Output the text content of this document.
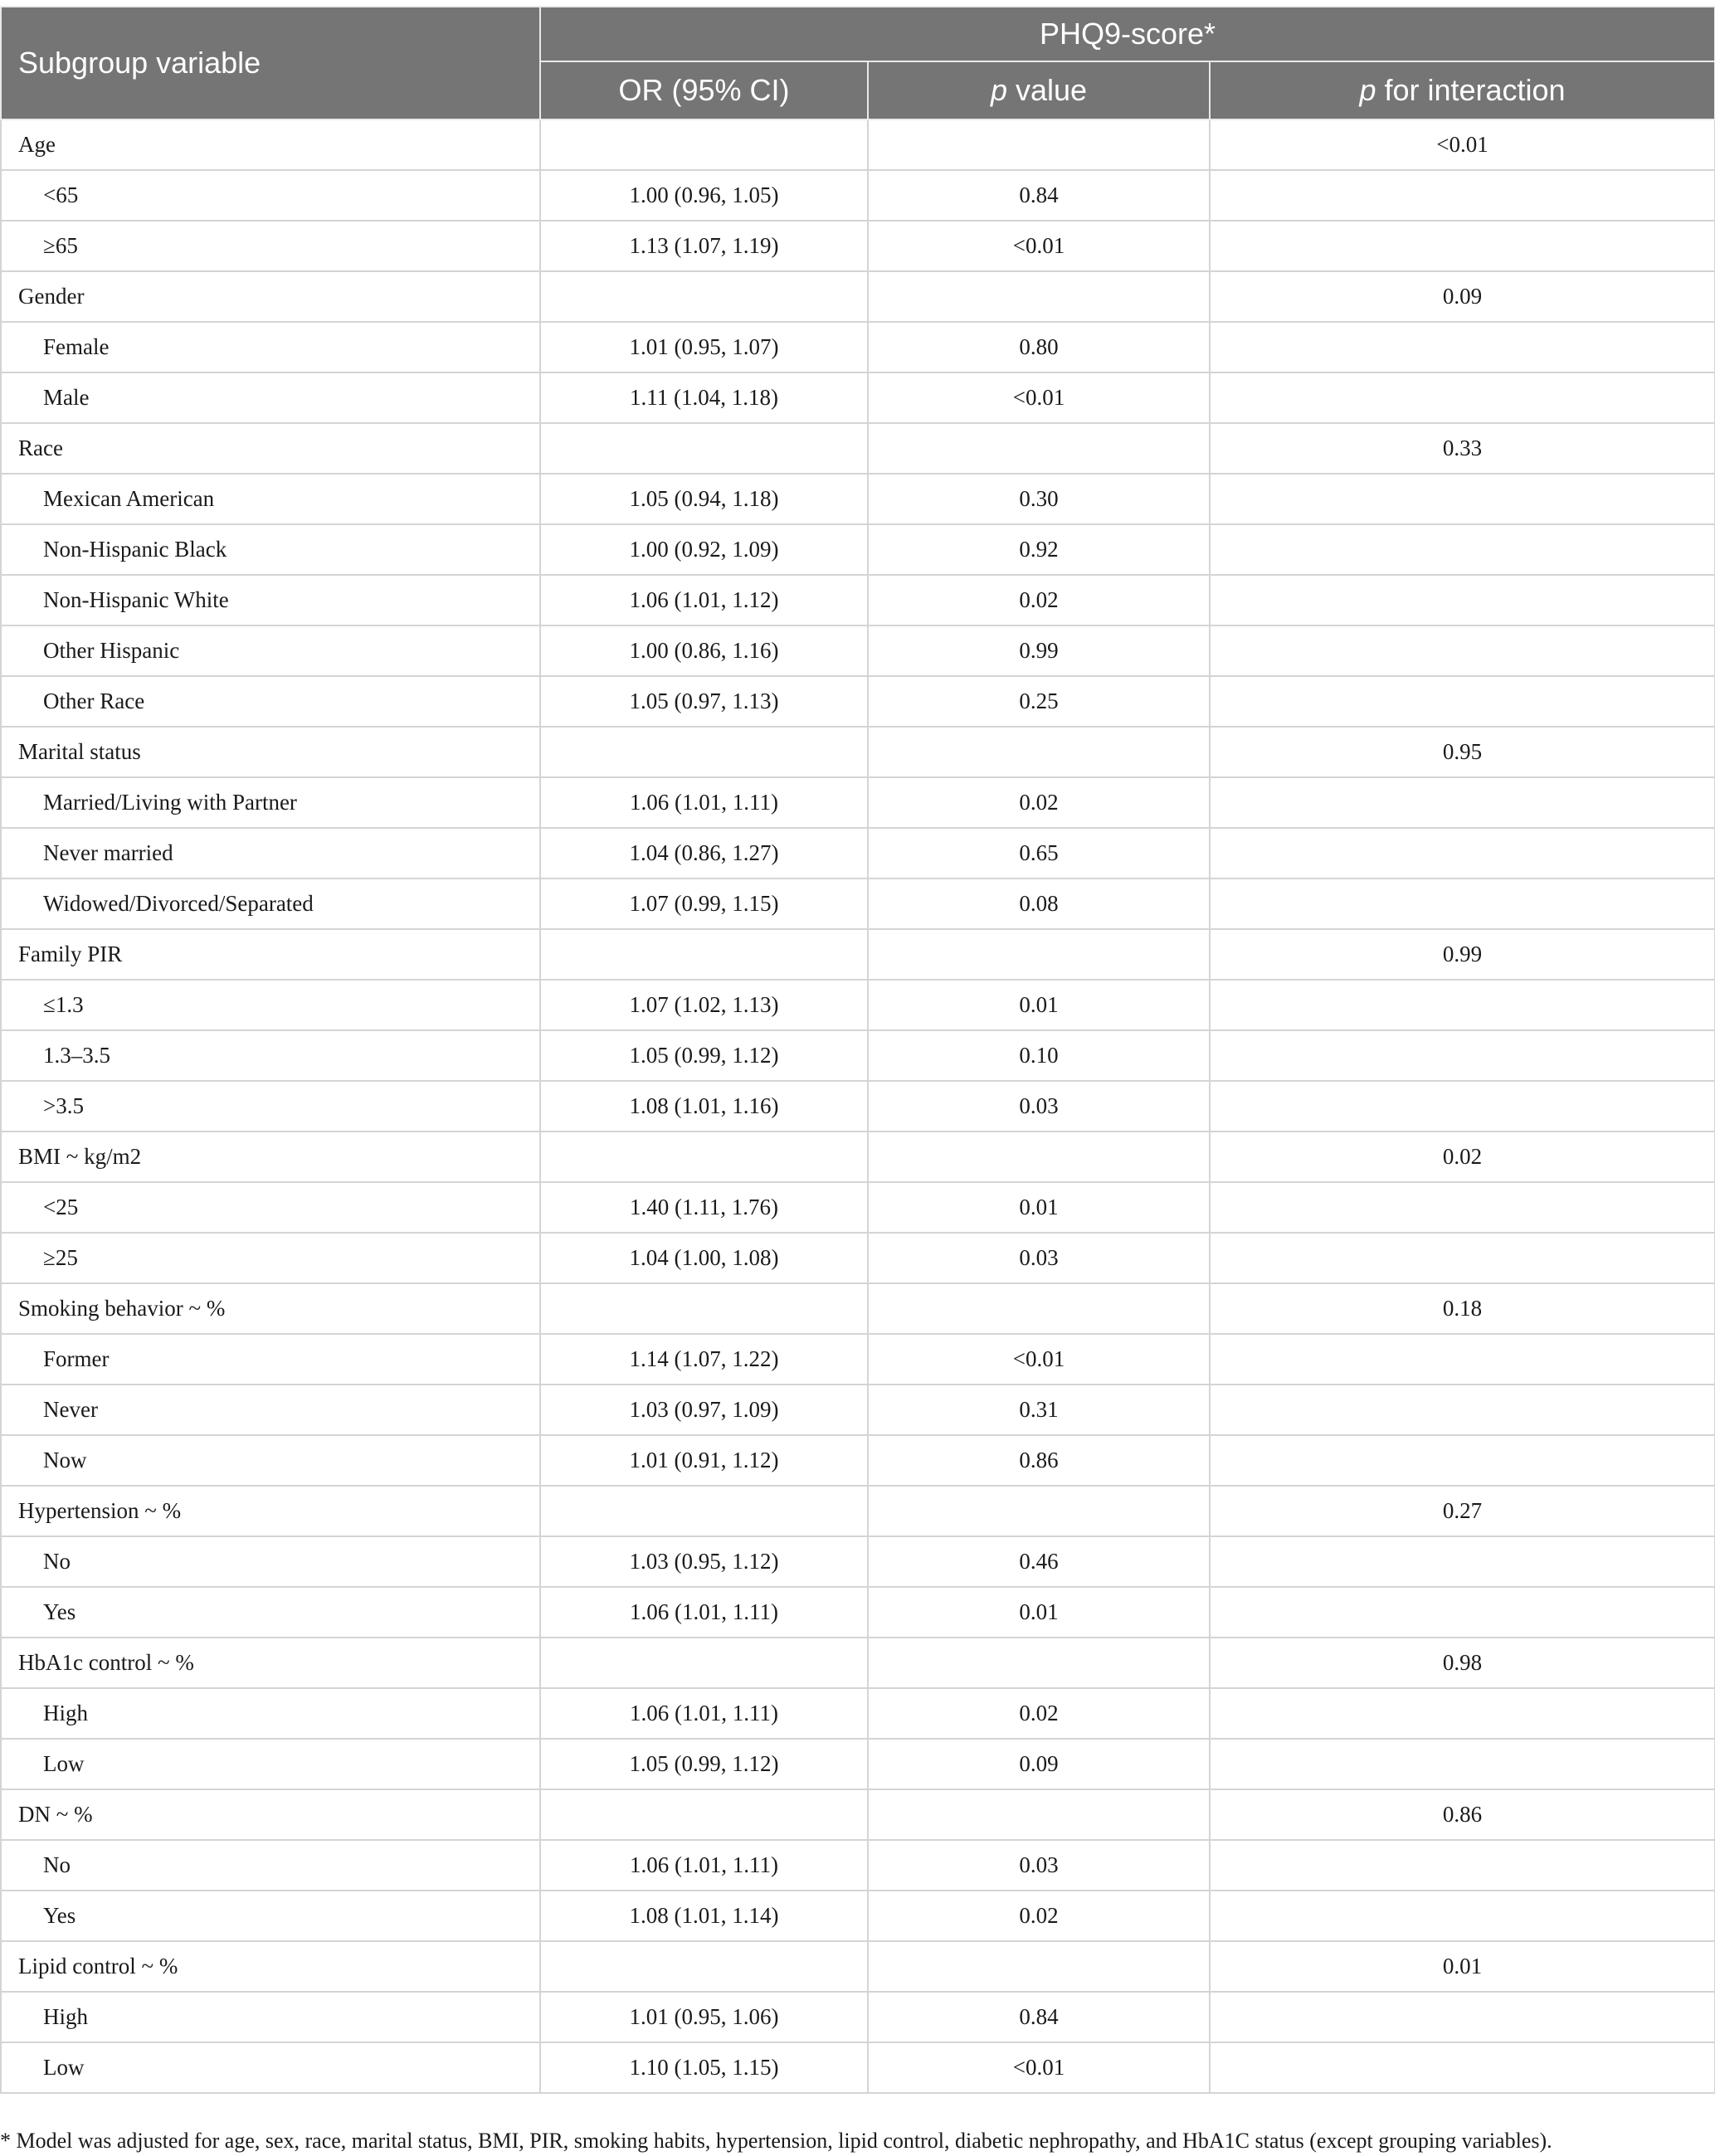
Subgroup variable	PHQ9-score*		
	OR (95% CI)	p value	p for interaction
Age			<0.01
<65	1.00 (0.96, 1.05)	0.84	
≥65	1.13 (1.07, 1.19)	<0.01	
Gender			0.09
Female	1.01 (0.95, 1.07)	0.80	
Male	1.11 (1.04, 1.18)	<0.01	
Race			0.33
Mexican American	1.05 (0.94, 1.18)	0.30	
Non-Hispanic Black	1.00 (0.92, 1.09)	0.92	
Non-Hispanic White	1.06 (1.01, 1.12)	0.02	
Other Hispanic	1.00 (0.86, 1.16)	0.99	
Other Race	1.05 (0.97, 1.13)	0.25	
Marital status			0.95
Married/Living with Partner	1.06 (1.01, 1.11)	0.02	
Never married	1.04 (0.86, 1.27)	0.65	
Widowed/Divorced/Separated	1.07 (0.99, 1.15)	0.08	
Family PIR			0.99
≤1.3	1.07 (1.02, 1.13)	0.01	
1.3–3.5	1.05 (0.99, 1.12)	0.10	
>3.5	1.08 (1.01, 1.16)	0.03	
BMI ~ kg/m2			0.02
<25	1.40 (1.11, 1.76)	0.01	
≥25	1.04 (1.00, 1.08)	0.03	
Smoking behavior ~ %			0.18
Former	1.14 (1.07, 1.22)	<0.01	
Never	1.03 (0.97, 1.09)	0.31	
Now	1.01 (0.91, 1.12)	0.86	
Hypertension ~ %			0.27
No	1.03 (0.95, 1.12)	0.46	
Yes	1.06 (1.01, 1.11)	0.01	
HbA1c control ~ %			0.98
High	1.06 (1.01, 1.11)	0.02	
Low	1.05 (0.99, 1.12)	0.09	
DN ~ %			0.86
No	1.06 (1.01, 1.11)	0.03	
Yes	1.08 (1.01, 1.14)	0.02	
Lipid control ~ %			0.01
High	1.01 (0.95, 1.06)	0.84	
Low	1.10 (1.05, 1.15)	<0.01	
* Model was adjusted for age, sex, race, marital status, BMI, PIR, smoking habits, hypertension, lipid control, diabetic nephropathy, and HbA1C status (except grouping variables).
